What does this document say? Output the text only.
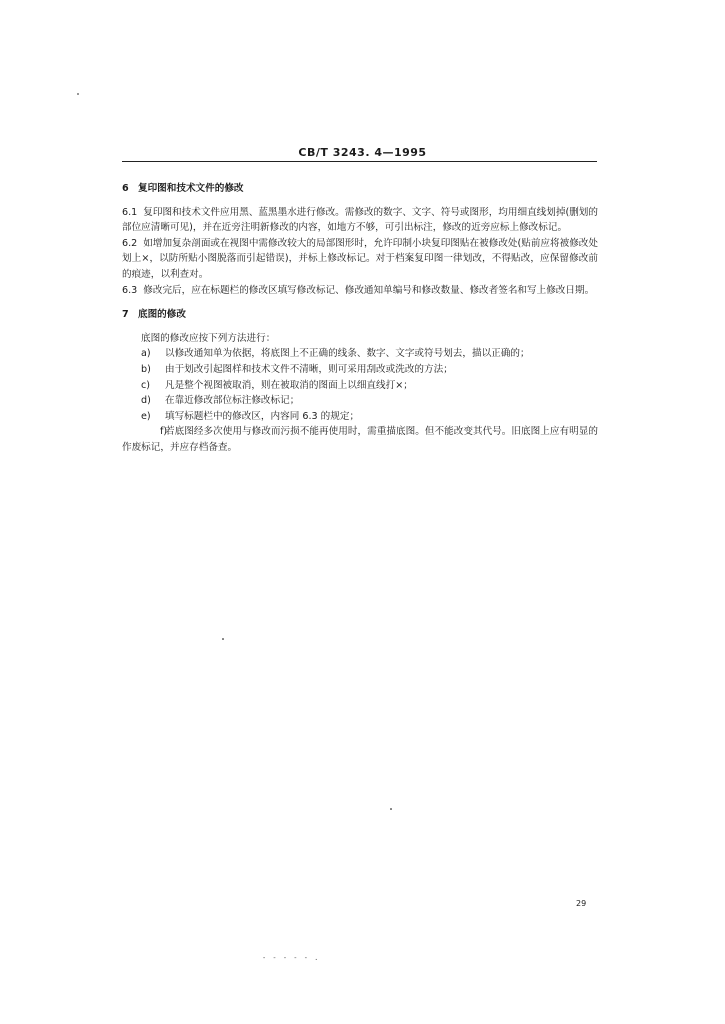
CB/T 3243. 4—1995
6 复印图和技术文件的修改

6.1 复印图和技术文件应用黑、蓝黑墨水进行修改。需修改的数字、文字、符号或图形，均用细直线划掉(删划的部位应清晰可见)，并在近旁注明新修改的内容，如地方不够，可引出标注，修改的近旁应标上修改标记。

6.2 如增加复杂剖面或在视图中需修改较大的局部图形时，允许印制小块复印图贴在被修改处(贴前应将被修改处划上×，以防所贴小图脱落而引起错误)，并标上修改标记。对于档案复印图一律划改，不得贴改，应保留修改前的痕迹，以利查对。

6.3 修改完后，应在标题栏的修改区填写修改标记、修改通知单编号和修改数量、修改者签名和写上修改日期。

7 底图的修改

底图的修改应按下列方法进行：

a) 以修改通知单为依据，将底图上不正确的线条、数字、文字或符号划去，描以正确的；

b) 由于划改引起图样和技术文件不清晰，则可采用刮改或洗改的方法；

c) 凡是整个视图被取消，则在被取消的图面上以细直线打×；

d) 在靠近修改部位标注修改标记；

e) 填写标题栏中的修改区，内容同 6.3 的规定；

f)若底图经多次使用与修改而污损不能再使用时，需重描底图。但不能改变其代号。旧底图上应有明显的作废标记，并应存档备查。

29
- - - - - .
